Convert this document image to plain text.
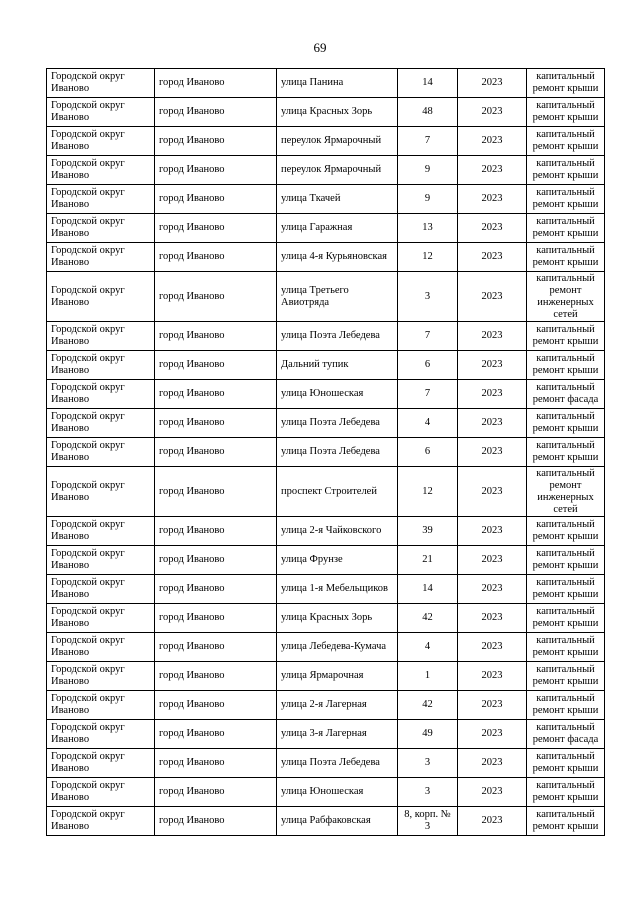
69
Городской округ Иваново	город Иваново	улица Панина	14	2023	капитальный ремонт крыши
Городской округ Иваново	город Иваново	улица Красных Зорь	48	2023	капитальный ремонт крыши
Городской округ Иваново	город Иваново	переулок Ярмарочный	7	2023	капитальный ремонт крыши
Городской округ Иваново	город Иваново	переулок Ярмарочный	9	2023	капитальный ремонт крыши
Городской округ Иваново	город Иваново	улица Ткачей	9	2023	капитальный ремонт крыши
Городской округ Иваново	город Иваново	улица Гаражная	13	2023	капитальный ремонт крыши
Городской округ Иваново	город Иваново	улица 4-я Курьяновская	12	2023	капитальный ремонт крыши
Городской округ Иваново	город Иваново	улица Третьего Авиотряда	3	2023	капитальный ремонт инженерных сетей
Городской округ Иваново	город Иваново	улица Поэта Лебедева	7	2023	капитальный ремонт крыши
Городской округ Иваново	город Иваново	Дальний тупик	6	2023	капитальный ремонт крыши
Городской округ Иваново	город Иваново	улица Юношеская	7	2023	капитальный ремонт фасада
Городской округ Иваново	город Иваново	улица Поэта Лебедева	4	2023	капитальный ремонт крыши
Городской округ Иваново	город Иваново	улица Поэта Лебедева	6	2023	капитальный ремонт крыши
Городской округ Иваново	город Иваново	проспект Строителей	12	2023	капитальный ремонт инженерных сетей
Городской округ Иваново	город Иваново	улица 2-я Чайковского	39	2023	капитальный ремонт крыши
Городской округ Иваново	город Иваново	улица Фрунзе	21	2023	капитальный ремонт крыши
Городской округ Иваново	город Иваново	улица 1-я Мебельщиков	14	2023	капитальный ремонт крыши
Городской округ Иваново	город Иваново	улица Красных Зорь	42	2023	капитальный ремонт крыши
Городской округ Иваново	город Иваново	улица Лебедева-Кумача	4	2023	капитальный ремонт крыши
Городской округ Иваново	город Иваново	улица Ярмарочная	1	2023	капитальный ремонт крыши
Городской округ Иваново	город Иваново	улица 2-я Лагерная	42	2023	капитальный ремонт крыши
Городской округ Иваново	город Иваново	улица 3-я Лагерная	49	2023	капитальный ремонт фасада
Городской округ Иваново	город Иваново	улица Поэта Лебедева	3	2023	капитальный ремонт крыши
Городской округ Иваново	город Иваново	улица Юношеская	3	2023	капитальный ремонт крыши
Городской округ Иваново	город Иваново	улица Рабфаковская	8, корп. № 3	2023	капитальный ремонт крыши
